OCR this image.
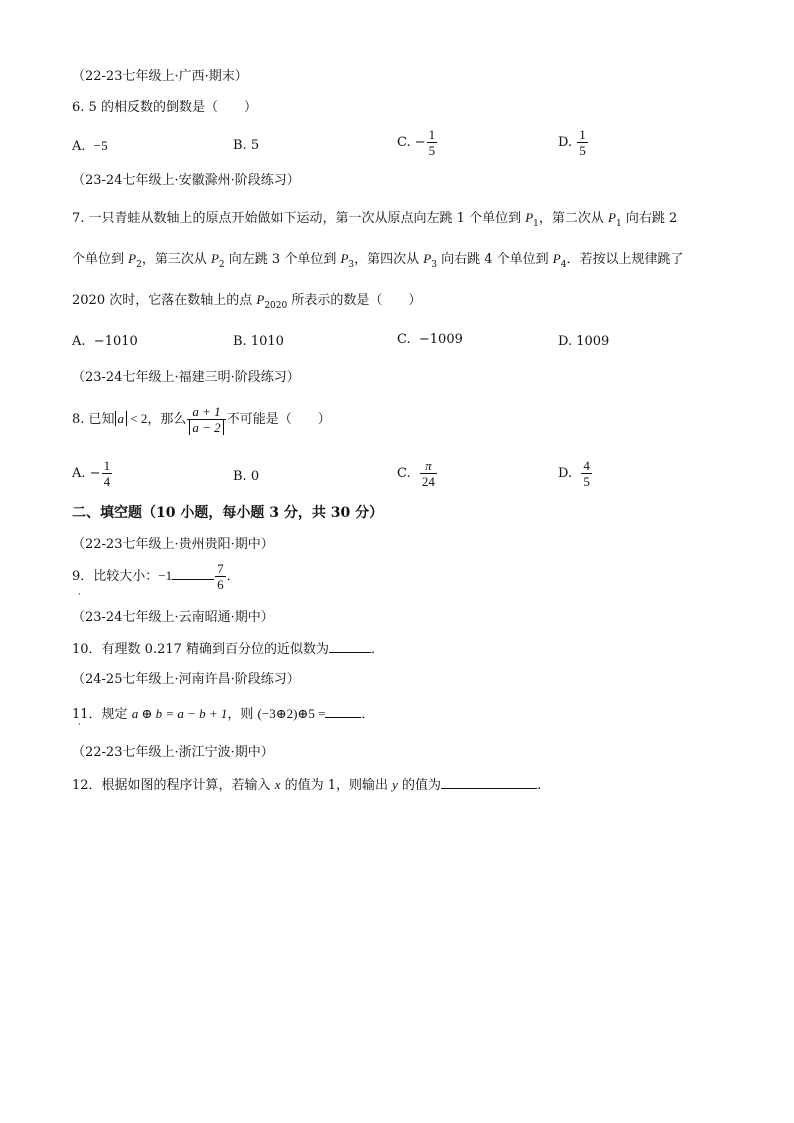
（22-23七年级上·广西·期末）
6. 5 的相反数的倒数是（　　）
A. −5	B. 5	C. − $\frac{1}{5}$	D. $\frac{1}{5}$
（23-24七年级上·安徽滁州·阶段练习）
7. 一只青蛙从数轴上的原点开始做如下运动，第一次从原点向左跳 1 个单位到 $P_1$，第二次从 $P_1$ 向右跳 2
个单位到 $P_2$，第三次从 $P_2$ 向左跳 3 个单位到 $P_3$，第四次从 $P_3$ 向右跳 4 个单位到 $P_4$．若按以上规律跳了
2020 次时，它落在数轴上的点 $P_{2020}$ 所表示的数是（　　）
A. −1010	B. 1010	C. −1009	D. 1009
（23-24七年级上·福建三明·阶段练习）
8. 已知 a < 2，那么 $\frac{a + 1}{a - 2}$ 不可能是（　　）
A. − $\frac{1}{4}$	B. 0	C. $\frac{\pi}{24}$	D. $\frac{4}{5}$
二、填空题（10 小题，每小题 3 分，共 30 分）
（22-23七年级上·贵州贵阳·期中）
9．比较大小：−1	$\frac{7}{6}$ ．
·
（23-24七年级上·云南昭通·期中）
10．有理数 0.217 精确到百分位的近似数为	．
（24-25七年级上·河南许昌·阶段练习）
11．规定 a ⊕ b = a − b + 1，则 (−3⊕2)⊕5 =	．
·
（22-23七年级上·浙江宁波·期中）
12．根据如图的程序计算，若输入 x 的值为 1，则输出 y 的值为	.
